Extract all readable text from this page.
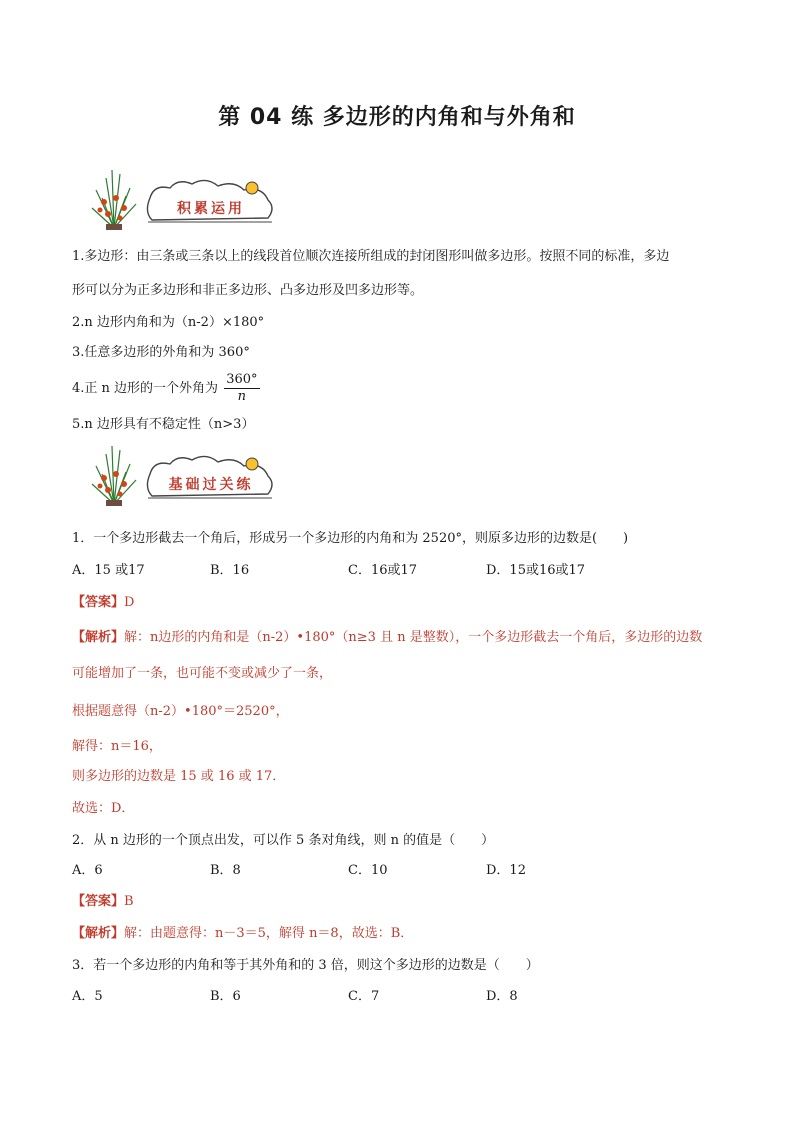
第 04 练 多边形的内角和与外角和
积累运用
1.多边形：由三条或三条以上的线段首位顺次连接所组成的封闭图形叫做多边形。按照不同的标准，多边
形可以分为正多边形和非正多边形、凸多边形及凹多边形等。
2.n 边形内角和为（n-2）×180°
3.任意多边形的外角和为 360°
4.正 n 边形的一个外角为 $\frac{360^\circ}{n}$
5.n 边形具有不稳定性（n>3）
基础过关练
1．一个多边形截去一个角后，形成另一个多边形的内角和为 2520°，则原多边形的边数是(　　)
A．15 或17	B．16	C．16或17	D．15或16或17
【答案】D
【解析】解：n边形的内角和是（n-2）•180°（n≥3 且 n 是整数），一个多边形截去一个角后，多边形的边数
可能增加了一条，也可能不变或减少了一条，
根据题意得（n-2）•180°＝2520°，
解得：n＝16，
则多边形的边数是 15 或 16 或 17．
故选：D．
2．从 n 边形的一个顶点出发，可以作 5 条对角线，则 n 的值是（　　）
A．6	B．8	C．10	D．12
【答案】B
【解析】解：由题意得：n－3＝5，解得 n＝8，故选：B．
3．若一个多边形的内角和等于其外角和的 3 倍，则这个多边形的边数是（　　）
A．5	B．6	C．7	D．8
